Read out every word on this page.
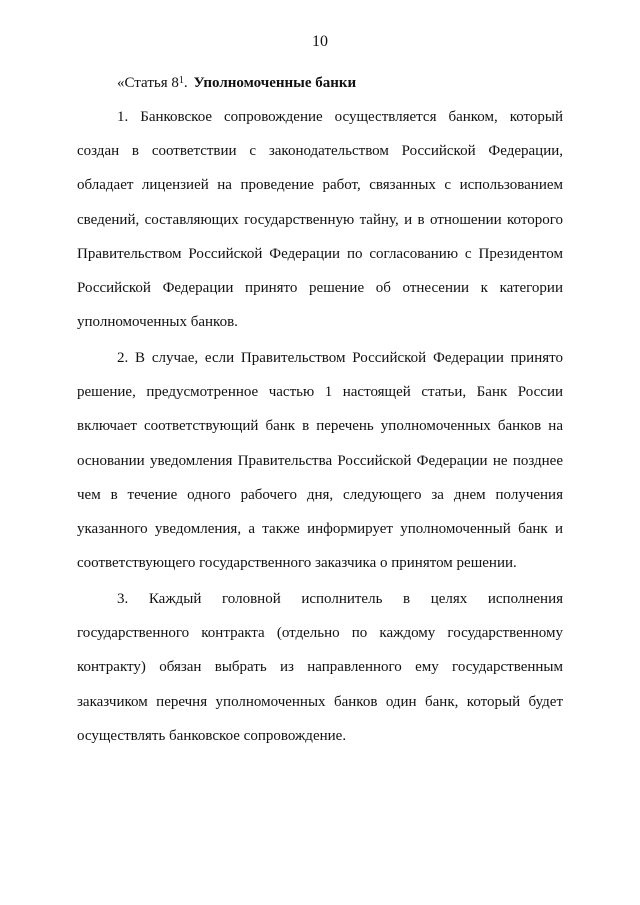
10
«Статья $8^1$. Уполномоченные банки
1. Банковское сопровождение осуществляется банком, который
создан в соответствии с законодательством Российской Федерации,
обладает лицензией на проведение работ, связанных с использованием
сведений, составляющих государственную тайну, и в отношении которого
Правительством Российской Федерации по согласованию с Президентом
Российской Федерации принято решение об отнесении к категории
уполномоченных банков.
2. В случае, если Правительством Российской Федерации принято
решение, предусмотренное частью 1 настоящей статьи, Банк России
включает соответствующий банк в перечень уполномоченных банков на
основании уведомления Правительства Российской Федерации не позднее
чем в течение одного рабочего дня, следующего за днем получения
указанного уведомления, а также информирует уполномоченный банк и
соответствующего государственного заказчика о принятом решении.
3. Каждый головной исполнитель в целях исполнения
государственного контракта (отдельно по каждому государственному
контракту) обязан выбрать из направленного ему государственным
заказчиком перечня уполномоченных банков один банк, который будет
осуществлять банковское сопровождение.
